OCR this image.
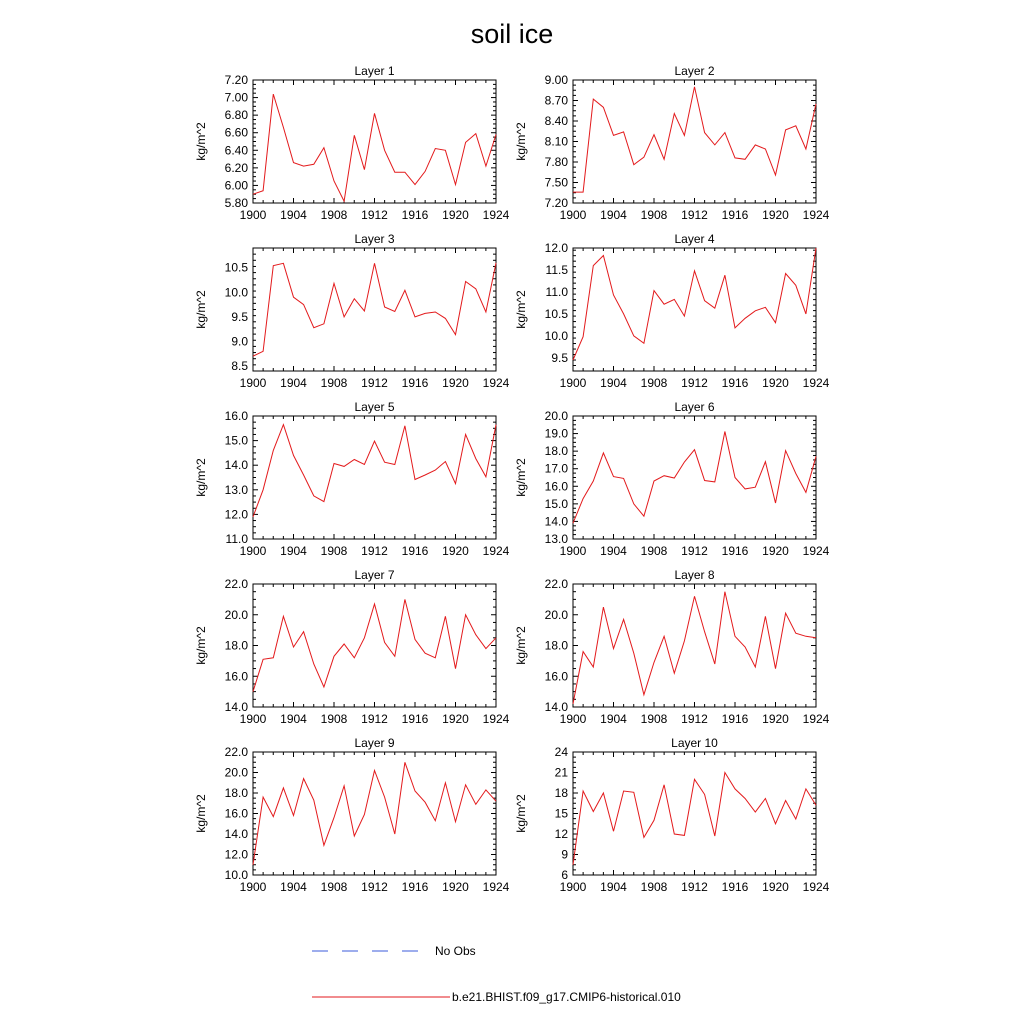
soil ice
Layer 1
kg/m^2
1900 1904 1908 1912 1916 1920 1924
5.80
6.00
6.20
6.40
6.60
6.80
7.00
7.20
Layer 2
kg/m^2
1900 1904 1908 1912 1916 1920 1924
7.20
7.50
7.80
8.10
8.40
8.70
9.00
Layer 3
kg/m^2
1900 1904 1908 1912 1916 1920 1924
8.5
9.0
9.5
10.0
10.5
Layer 4
kg/m^2
1900 1904 1908 1912 1916 1920 1924
9.5
10.0
10.5
11.0
11.5
12.0
Layer 5
kg/m^2
1900 1904 1908 1912 1916 1920 1924
11.0
12.0
13.0
14.0
15.0
16.0
Layer 6
kg/m^2
1900 1904 1908 1912 1916 1920 1924
13.0
14.0
15.0
16.0
17.0
18.0
19.0
20.0
Layer 7
kg/m^2
1900 1904 1908 1912 1916 1920 1924
14.0
16.0
18.0
20.0
22.0
Layer 8
kg/m^2
1900 1904 1908 1912 1916 1920 1924
14.0
16.0
18.0
20.0
22.0
Layer 9
kg/m^2
1900 1904 1908 1912 1916 1920 1924
10.0
12.0
14.0
16.0
18.0
20.0
22.0
Layer 10
kg/m^2
1900 1904 1908 1912 1916 1920 1924
6
9
12
15
18
21
24
No Obs
b.e21.BHIST.f09_g17.CMIP6-historical.010
